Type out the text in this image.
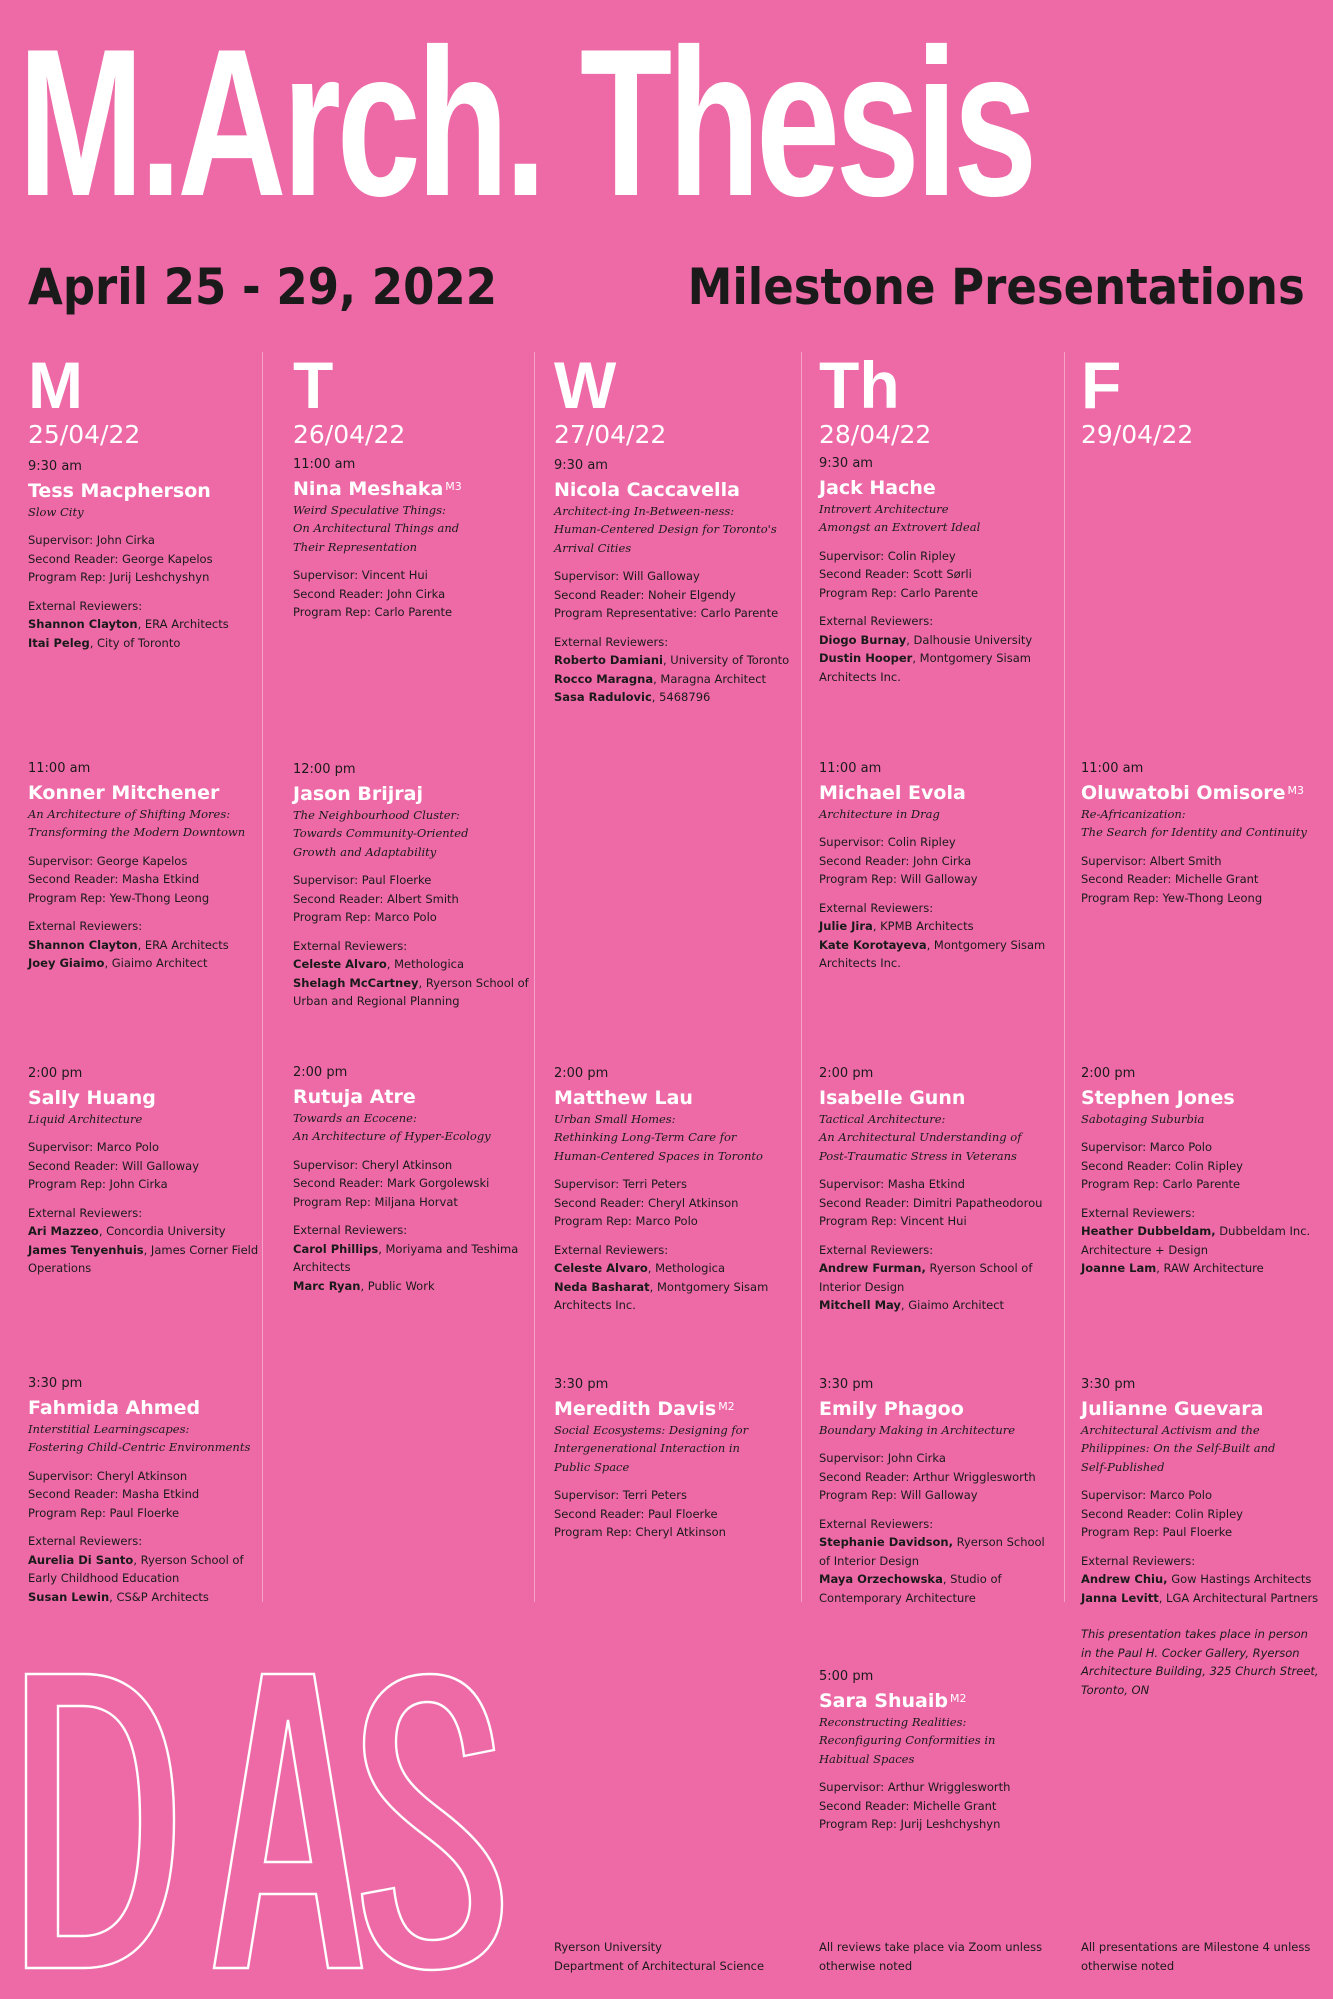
M.Arch. Thesis
April 25 - 29, 2022	Milestone Presentations

M

25/04/22

T

26/04/22

W

27/04/22

Th

28/04/22

F

29/04/22

9:30 am
Tess Macpherson
Slow City
Supervisor: John Cirka
Second Reader: George Kapelos
Program Rep: Jurij Leshchyshyn
External Reviewers:
Shannon Clayton, ERA Architects
Itai Peleg, City of Toronto
11:00 am
Konner Mitchener
An Architecture of Shifting Mores:
Transforming the Modern Downtown
Supervisor: George Kapelos
Second Reader: Masha Etkind
Program Rep: Yew-Thong Leong
External Reviewers:
Shannon Clayton, ERA Architects
Joey Giaimo, Giaimo Architect
2:00 pm
Sally Huang
Liquid Architecture
Supervisor: Marco Polo
Second Reader: Will Galloway
Program Rep: John Cirka
External Reviewers:
Ari Mazzeo, Concordia University
James Tenyenhuis, James Corner Field Operations
3:30 pm
Fahmida Ahmed
Interstitial Learningscapes:
Fostering Child-Centric Environments
Supervisor: Cheryl Atkinson
Second Reader: Masha Etkind
Program Rep: Paul Floerke
External Reviewers:
Aurelia Di Santo, Ryerson School of Early Childhood Education
Susan Lewin, CS&P Architects
11:00 am
Nina Meshaka $^{M3}$
Weird Speculative Things:
On Architectural Things and
Their Representation
Supervisor: Vincent Hui
Second Reader: John Cirka
Program Rep: Carlo Parente
12:00 pm
Jason Brijraj
The Neighbourhood Cluster:
Towards Community-Oriented
Growth and Adaptability
Supervisor: Paul Floerke
Second Reader: Albert Smith
Program Rep: Marco Polo
External Reviewers:
Celeste Alvaro, Methologica
Shelagh McCartney, Ryerson School of Urban and Regional Planning
2:00 pm
Rutuja Atre
Towards an Ecocene:
An Architecture of Hyper-Ecology
Supervisor: Cheryl Atkinson
Second Reader: Mark Gorgolewski
Program Rep: Miljana Horvat
External Reviewers:
Carol Phillips, Moriyama and Teshima Architects
Marc Ryan, Public Work
9:30 am
Nicola Caccavella
Architect-ing In-Between-ness:
Human-Centered Design for Toronto's
Arrival Cities
Supervisor: Will Galloway
Second Reader: Noheir Elgendy
Program Representative: Carlo Parente
External Reviewers:
Roberto Damiani, University of Toronto
Rocco Maragna, Maragna Architect
Sasa Radulovic, 5468796
2:00 pm
Matthew Lau
Urban Small Homes:
Rethinking Long-Term Care for
Human-Centered Spaces in Toronto
Supervisor: Terri Peters
Second Reader: Cheryl Atkinson
Program Rep: Marco Polo
External Reviewers:
Celeste Alvaro, Methologica
Neda Basharat, Montgomery Sisam Architects Inc.
3:30 pm
Meredith Davis $^{M2}$
Social Ecosystems: Designing for
Intergenerational Interaction in
Public Space
Supervisor: Terri Peters
Second Reader: Paul Floerke
Program Rep: Cheryl Atkinson
9:30 am
Jack Hache
Introvert Architecture
Amongst an Extrovert Ideal
Supervisor: Colin Ripley
Second Reader: Scott Sørli
Program Rep: Carlo Parente
External Reviewers:
Diogo Burnay, Dalhousie University
Dustin Hooper, Montgomery Sisam Architects Inc.
11:00 am
Michael Evola
Architecture in Drag
Supervisor: Colin Ripley
Second Reader: John Cirka
Program Rep: Will Galloway
External Reviewers:
Julie Jira, KPMB Architects
Kate Korotayeva, Montgomery Sisam Architects Inc.
2:00 pm
Isabelle Gunn
Tactical Architecture:
An Architectural Understanding of
Post-Traumatic Stress in Veterans
Supervisor: Masha Etkind
Second Reader: Dimitri Papatheodorou
Program Rep: Vincent Hui
External Reviewers:
Andrew Furman, Ryerson School of Interior Design
Mitchell May, Giaimo Architect
3:30 pm
Emily Phagoo
Boundary Making in Architecture
Supervisor: John Cirka
Second Reader: Arthur Wrigglesworth
Program Rep: Will Galloway
External Reviewers:
Stephanie Davidson, Ryerson School of Interior Design
Maya Orzechowska, Studio of Contemporary Architecture
5:00 pm
Sara Shuaib $^{M2}$
Reconstructing Realities:
Reconfiguring Conformities in
Habitual Spaces
Supervisor: Arthur Wrigglesworth
Second Reader: Michelle Grant
Program Rep: Jurij Leshchyshyn
11:00 am
Oluwatobi Omisore $^{M3}$
Re-Africanization:
The Search for Identity and Continuity
Supervisor: Albert Smith
Second Reader: Michelle Grant
Program Rep: Yew-Thong Leong
2:00 pm
Stephen Jones
Sabotaging Suburbia
Supervisor: Marco Polo
Second Reader: Colin Ripley
Program Rep: Carlo Parente
External Reviewers:
Heather Dubbeldam, Dubbeldam Inc. Architecture + Design
Joanne Lam, RAW Architecture
3:30 pm
Julianne Guevara
Architectural Activism and the
Philippines: On the Self-Built and
Self-Published
Supervisor: Marco Polo
Second Reader: Colin Ripley
Program Rep: Paul Floerke
External Reviewers:
Andrew Chiu, Gow Hastings Architects
Janna Levitt, LGA Architectural Partners
This presentation takes place in person in the Paul H. Cocker Gallery, Ryerson Architecture Building, 325 Church Street, Toronto, ON
Ryerson University
Department of Architectural Science
All reviews take place via Zoom unless otherwise noted
All presentations are Milestone 4 unless otherwise noted
